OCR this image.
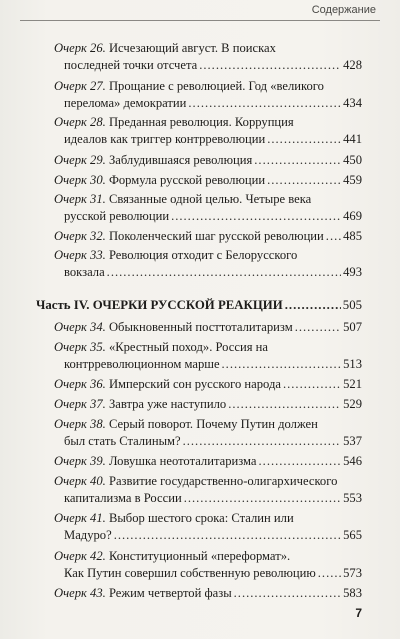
Содержание
Очерк 26. Исчезающий август. В поисках
последней точки отсчета .....	428
Очерк 27. Прощание с революцией. Год «великого
перелома» демократии .....	434
Очерк 28. Преданная революция. Коррупция
идеалов как триггер контрреволюции .....	441
Очерк 29.
Заблудившаяся революция .....	450
Очерк 30.
Формула русской революции .....	459
Очерк 31. Связанные одной целью. Четыре века
русской революции .....	469
Очерк 32.
Поколенческий шаг русской революции ..... 485
Очерк 33. Революция отходит с Белорусского
вокзала .....	493
Часть IV. ОЧЕРКИ РУССКОЙ РЕАКЦИИ .....	505
Очерк 34.
Обыкновенный посттоталитаризм .....	507
Очерк 35. «Крестный поход». Россия на
контрреволюционном марше .....	513
Очерк 36.
Имперский сон русского народа .....	521
Очерк 37.
Завтра уже наступило .....	529
Очерк 38. Серый поворот. Почему Путин должен
был стать Сталиным? .....	537
Очерк 39.
Ловушка неототалитаризма .....	546
Очерк 40. Развитие государственно-олигархического
капитализма в России .....	553
Очерк 41. Выбор шестого срока: Сталин или
Мадуро? .....	565
Очерк 42. Конституционный «переформат».
Как Путин совершил собственную революцию ..... 573
Очерк 43.
Режим четвертой фазы .....	583
7
